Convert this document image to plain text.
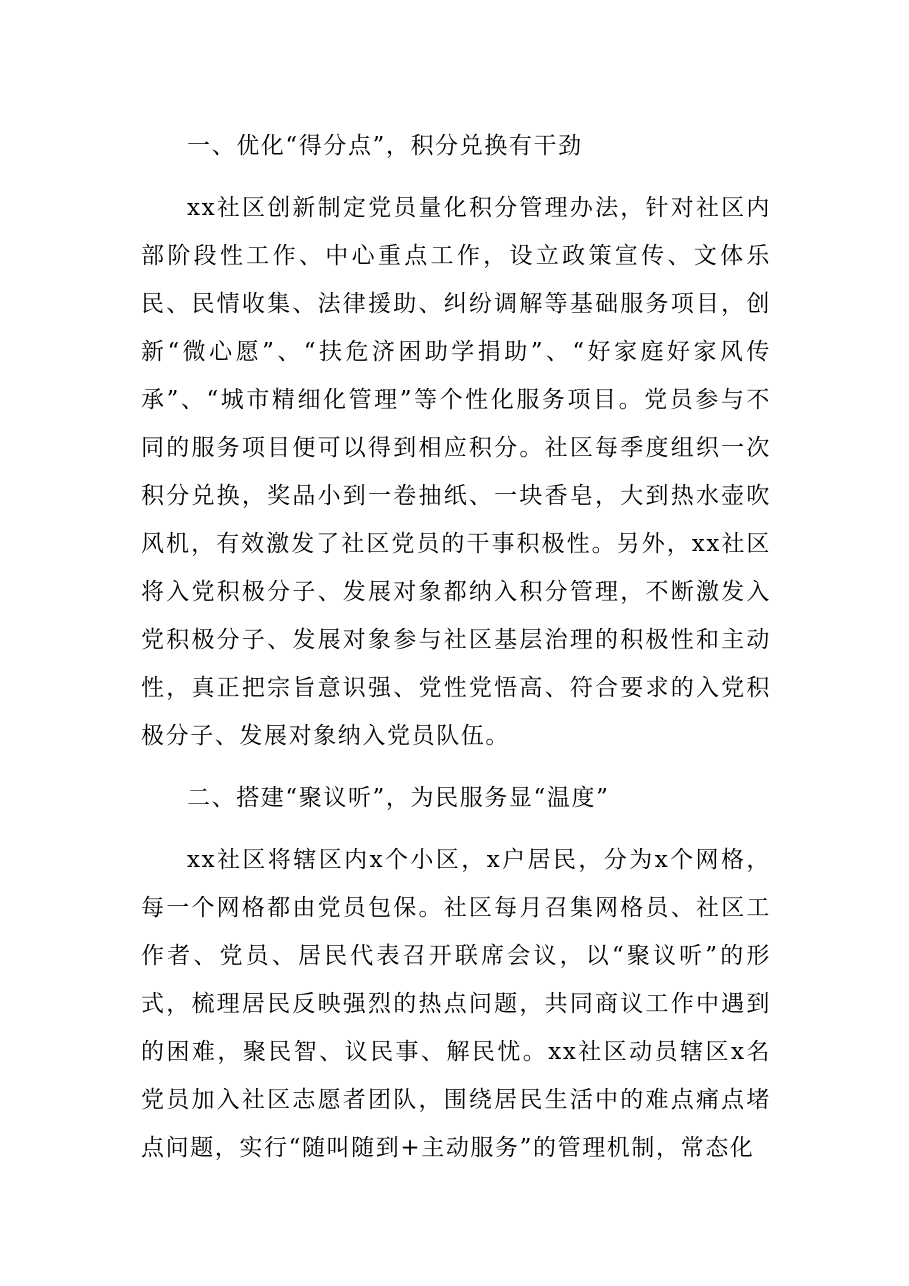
一、优化“得分点”，积分兑换有干劲

xx社区创新制定党员量化积分管理办法，针对社区内部阶段性工作、中心重点工作，设立政策宣传、文体乐民、民情收集、法律援助、纠纷调解等基础服务项目，创新“微心愿”、“扶危济困助学捐助”、“好家庭好家风传承”、“城市精细化管理”等个性化服务项目。党员参与不同的服务项目便可以得到相应积分。社区每季度组织一次积分兑换，奖品小到一卷抽纸、一块香皂，大到热水壶吹风机，有效激发了社区党员的干事积极性。另外，xx社区将入党积极分子、发展对象都纳入积分管理，不断激发入党积极分子、发展对象参与社区基层治理的积极性和主动性，真正把宗旨意识强、党性党悟高、符合要求的入党积极分子、发展对象纳入党员队伍。

二、搭建“聚议听”，为民服务显“温度”

xx社区将辖区内x个小区，x户居民，分为x个网格，每一个网格都由党员包保。社区每月召集网格员、社区工作者、党员、居民代表召开联席会议，以“聚议听”的形式，梳理居民反映强烈的热点问题，共同商议工作中遇到的困难，聚民智、议民事、解民忧。xx社区动员辖区x名党员加入社区志愿者团队，围绕居民生活中的难点痛点堵点问题，实行“随叫随到+主动服务”的管理机制，常态化
